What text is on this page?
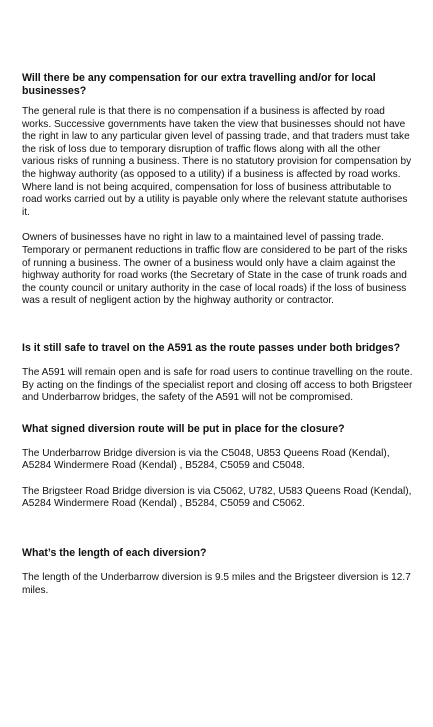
Will there be any compensation for our extra travelling and/or for local businesses?

The general rule is that there is no compensation if a business is affected by road works. Successive governments have taken the view that businesses should not have the right in law to any particular given level of passing trade, and that traders must take the risk of loss due to temporary disruption of traffic flows along with all the other various risks of running a business. There is no statutory provision for compensation by the highway authority (as opposed to a utility) if a business is affected by road works. Where land is not being acquired, compensation for loss of business attributable to road works carried out by a utility is payable only where the relevant statute authorises it.

Owners of businesses have no right in law to a maintained level of passing trade. Temporary or permanent reductions in traffic flow are considered to be part of the risks of running a business. The owner of a business would only have a claim against the highway authority for road works (the Secretary of State in the case of trunk roads and the county council or unitary authority in the case of local roads) if the loss of business was a result of negligent action by the highway authority or contractor.

Is it still safe to travel on the A591 as the route passes under both bridges?

The A591 will remain open and is safe for road users to continue travelling on the route. By acting on the findings of the specialist report and closing off access to both Brigsteer and Underbarrow bridges, the safety of the A591 will not be compromised.

What signed diversion route will be put in place for the closure?

The Underbarrow Bridge diversion is via the C5048, U853 Queens Road (Kendal), A5284 Windermere Road (Kendal) , B5284, C5059 and C5048.

The Brigsteer Road Bridge diversion is via C5062, U782, U583 Queens Road (Kendal), A5284 Windermere Road (Kendal) , B5284, C5059 and C5062.

What’s the length of each diversion?

The length of the Underbarrow diversion is 9.5 miles and the Brigsteer diversion is 12.7 miles.
